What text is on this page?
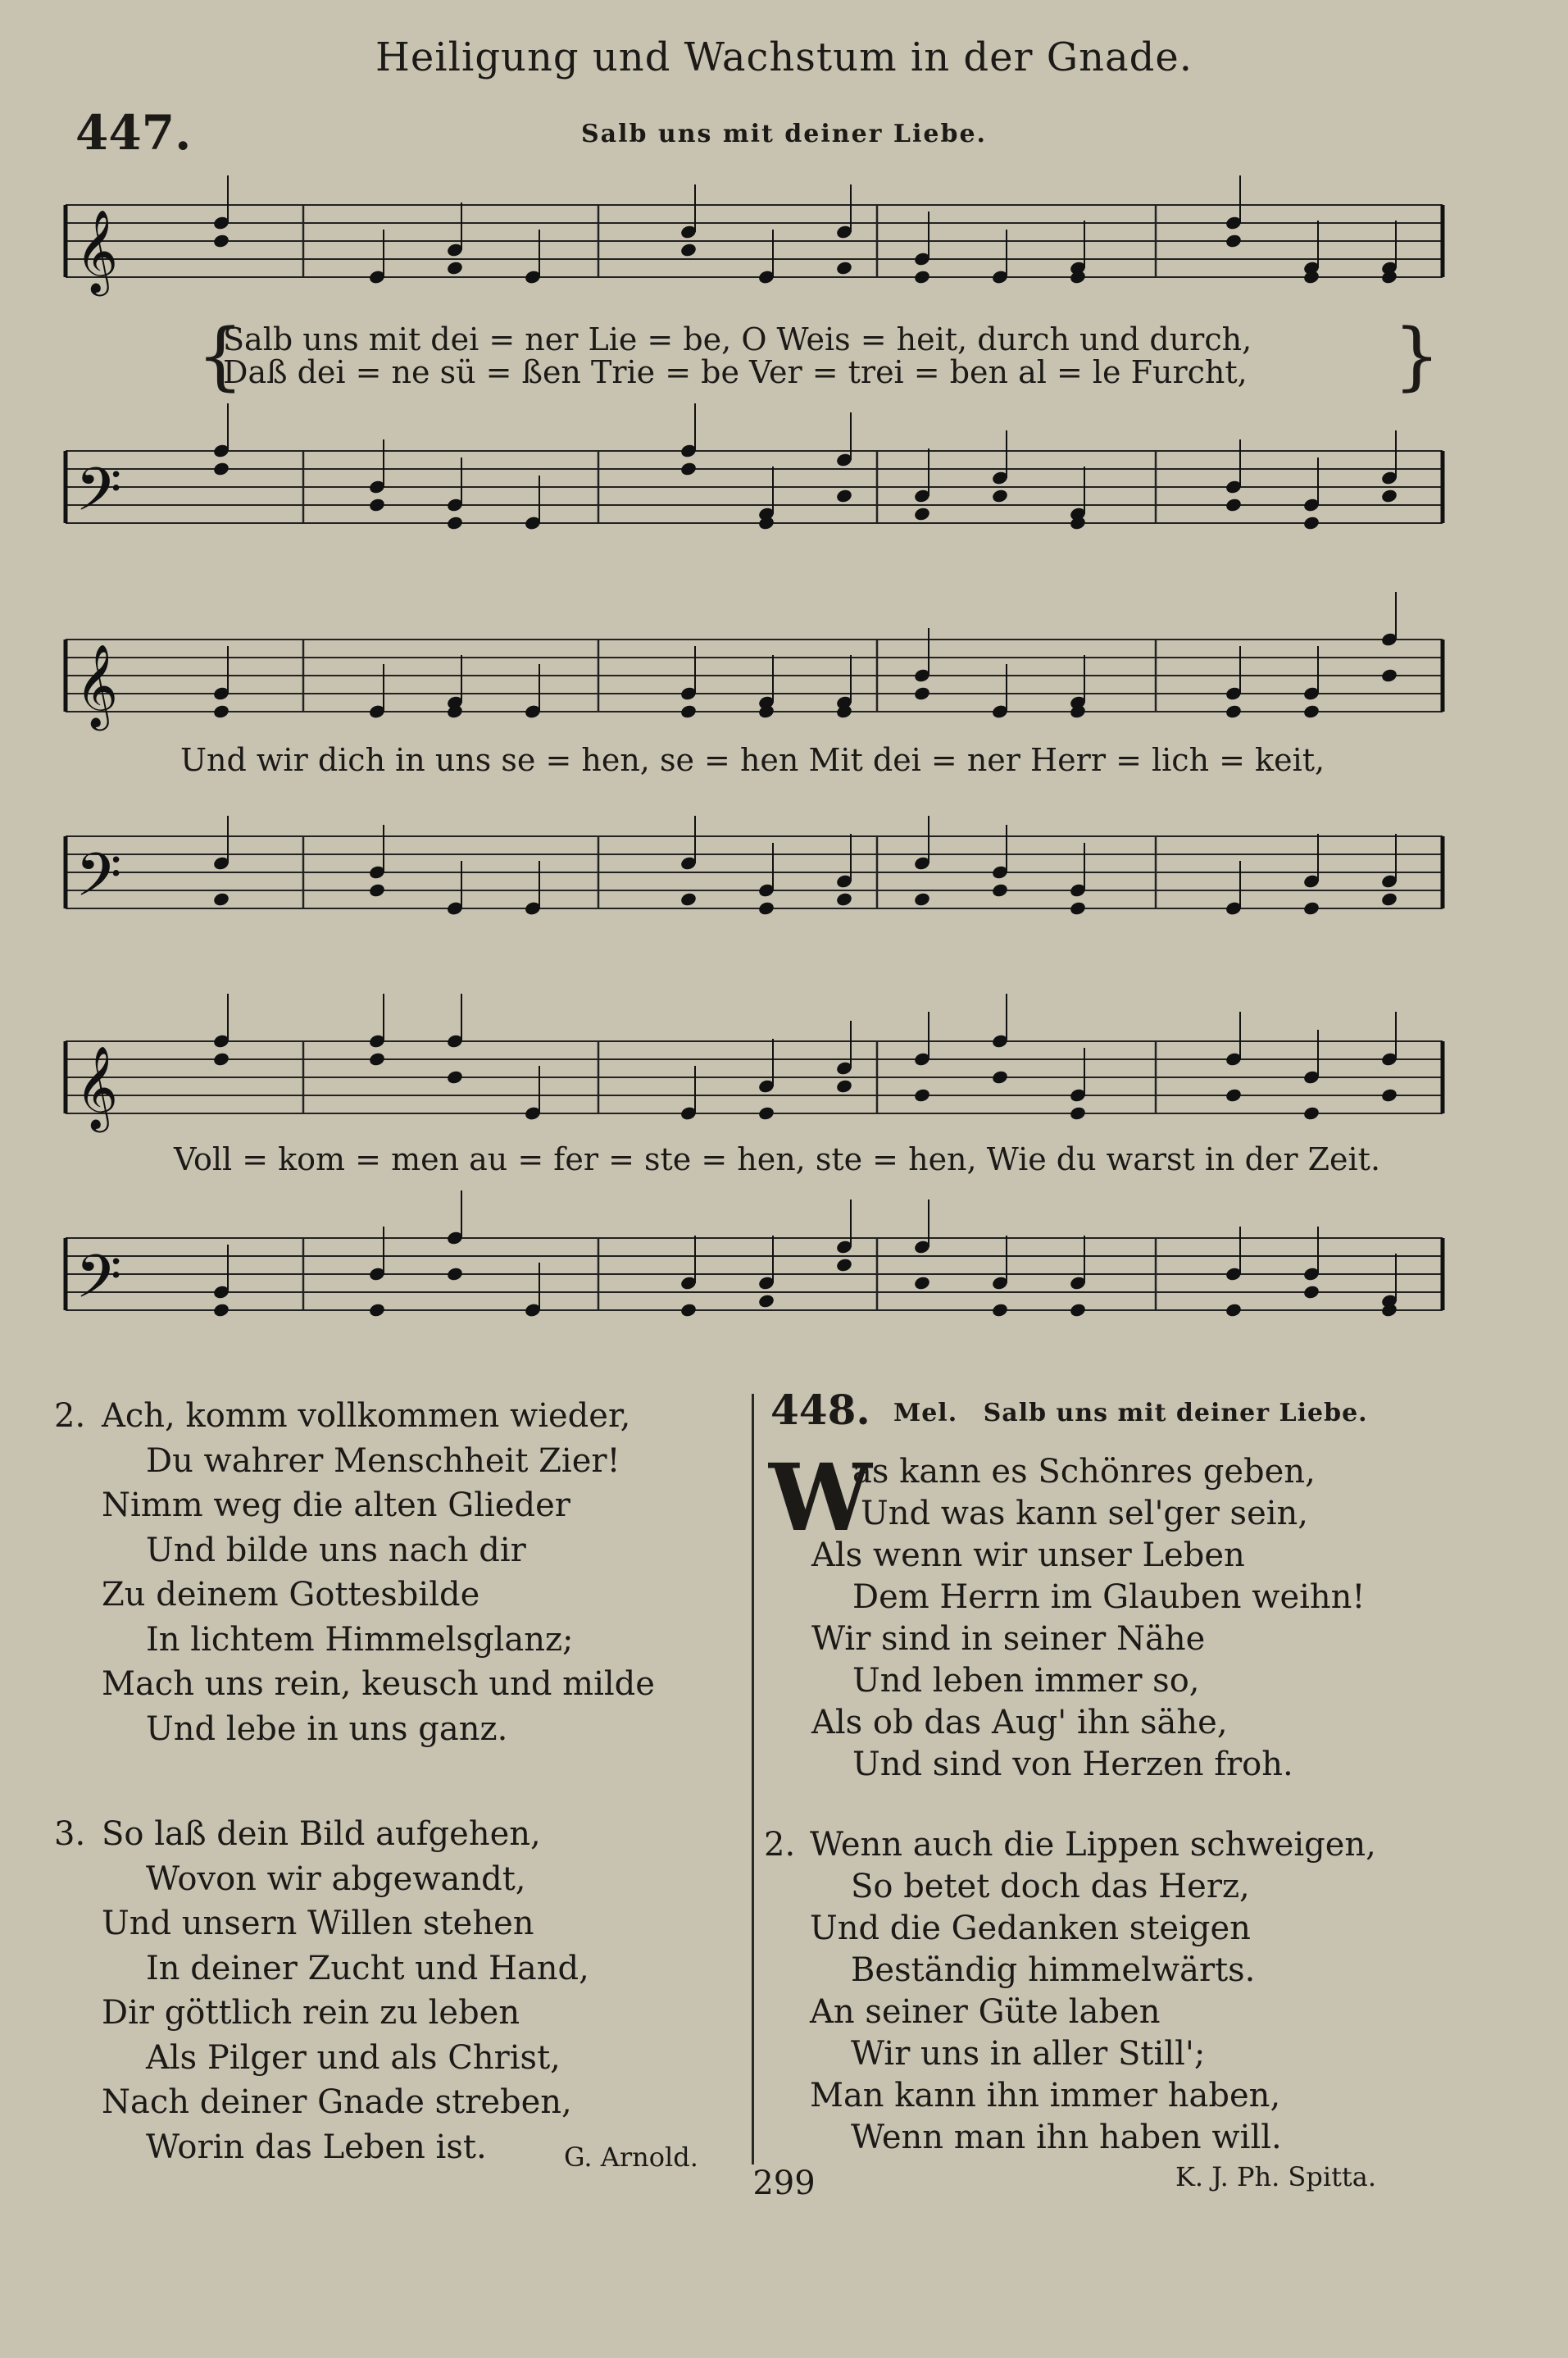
Heiligung und Wachstum in der Gnade.
447.	Salb uns mit deiner Liebe.
𝄞
𝄢
{	}
Salb uns mit dei = ner Lie = be, O Weis = heit, durch und durch,
Daß dei = ne sü = ßen Trie = be Ver = trei = ben al = le Furcht,
𝄞
𝄢
Und wir dich in uns se = hen, se = hen Mit dei = ner Herr = lich = keit,
𝄞
𝄢
Voll = kom = men au = fer = ste = hen, ste = hen, Wie du warst in der Zeit.
2. Ach, komm vollkommen wieder,
Du wahrer Menschheit Zier!
Nimm weg die alten Glieder
Und bilde uns nach dir
Zu deinem Gottesbilde
In lichtem Himmelsglanz;
Mach uns rein, keusch und milde
Und lebe in uns ganz.
3. So laß dein Bild aufgehen,
Wovon wir abgewandt,
Und unsern Willen stehen
In deiner Zucht und Hand,
Dir göttlich rein zu leben
Als Pilger und als Christ,
Nach deiner Gnade streben,
Worin das Leben ist.	G. Arnold.
448. Mel. Salb uns mit deiner Liebe.
W
as kann es Schönres geben,
Und was kann sel'ger sein,
Als wenn wir unser Leben
Dem Herrn im Glauben weihn!
Wir sind in seiner Nähe
Und leben immer so,
Als ob das Aug' ihn sähe,
Und sind von Herzen froh.
2. Wenn auch die Lippen schweigen,
So betet doch das Herz,
Und die Gedanken steigen
Beständig himmelwärts.
An seiner Güte laben
Wir uns in aller Still';
Man kann ihn immer haben,
Wenn man ihn haben will.
K. J. Ph. Spitta.
299
